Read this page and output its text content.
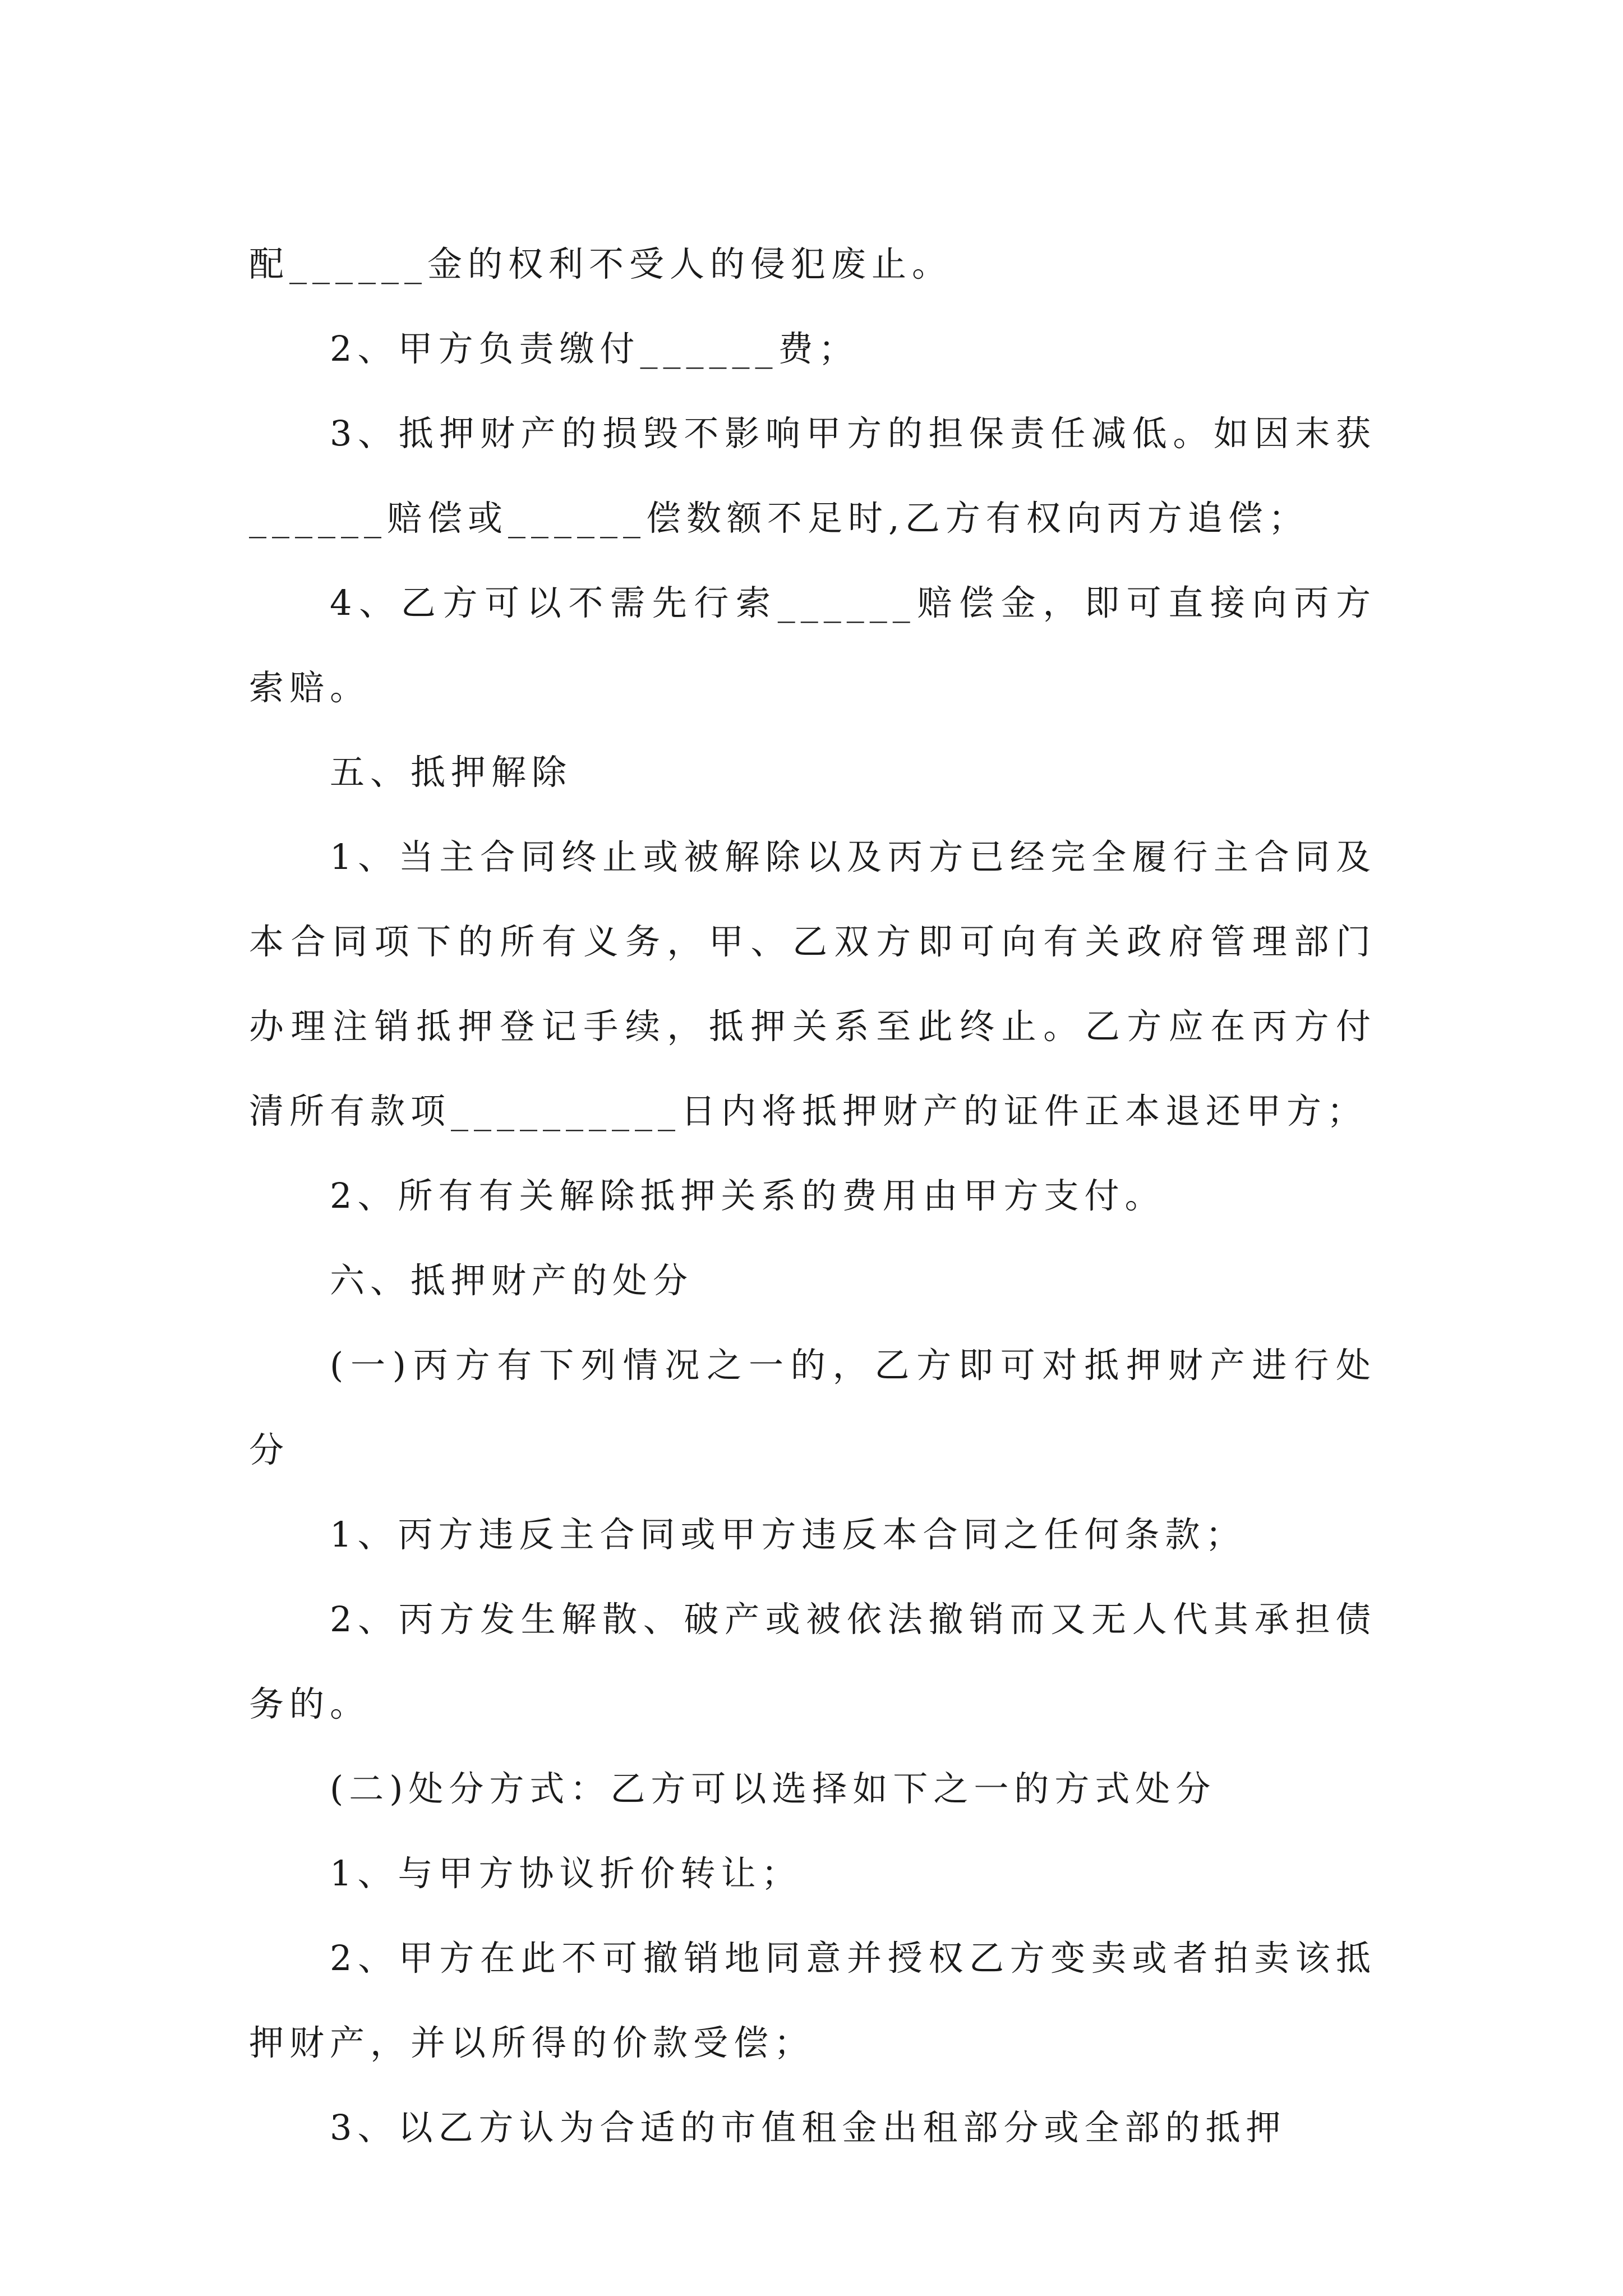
配______金的权利不受人的侵犯废止。

2、甲方负责缴付______费；

3、抵押财产的损毁不影响甲方的担保责任减低。如因末获______赔偿或______偿数额不足时,乙方有权向丙方追偿；

4、乙方可以不需先行索______赔偿金，即可直接向丙方索赔。

五、抵押解除

1、当主合同终止或被解除以及丙方已经完全履行主合同及本合同项下的所有义务，甲、乙双方即可向有关政府管理部门办理注销抵押登记手续，抵押关系至此终止。乙方应在丙方付清所有款项__________日内将抵押财产的证件正本退还甲方；

2、所有有关解除抵押关系的费用由甲方支付。

六、抵押财产的处分

(一)丙方有下列情况之一的，乙方即可对抵押财产进行处分

1、丙方违反主合同或甲方违反本合同之任何条款；

2、丙方发生解散、破产或被依法撤销而又无人代其承担债务的。

(二)处分方式：乙方可以选择如下之一的方式处分

1、与甲方协议折价转让；

2、甲方在此不可撤销地同意并授权乙方变卖或者拍卖该抵押财产，并以所得的价款受偿；

3、以乙方认为合适的市值租金出租部分或全部的抵押
